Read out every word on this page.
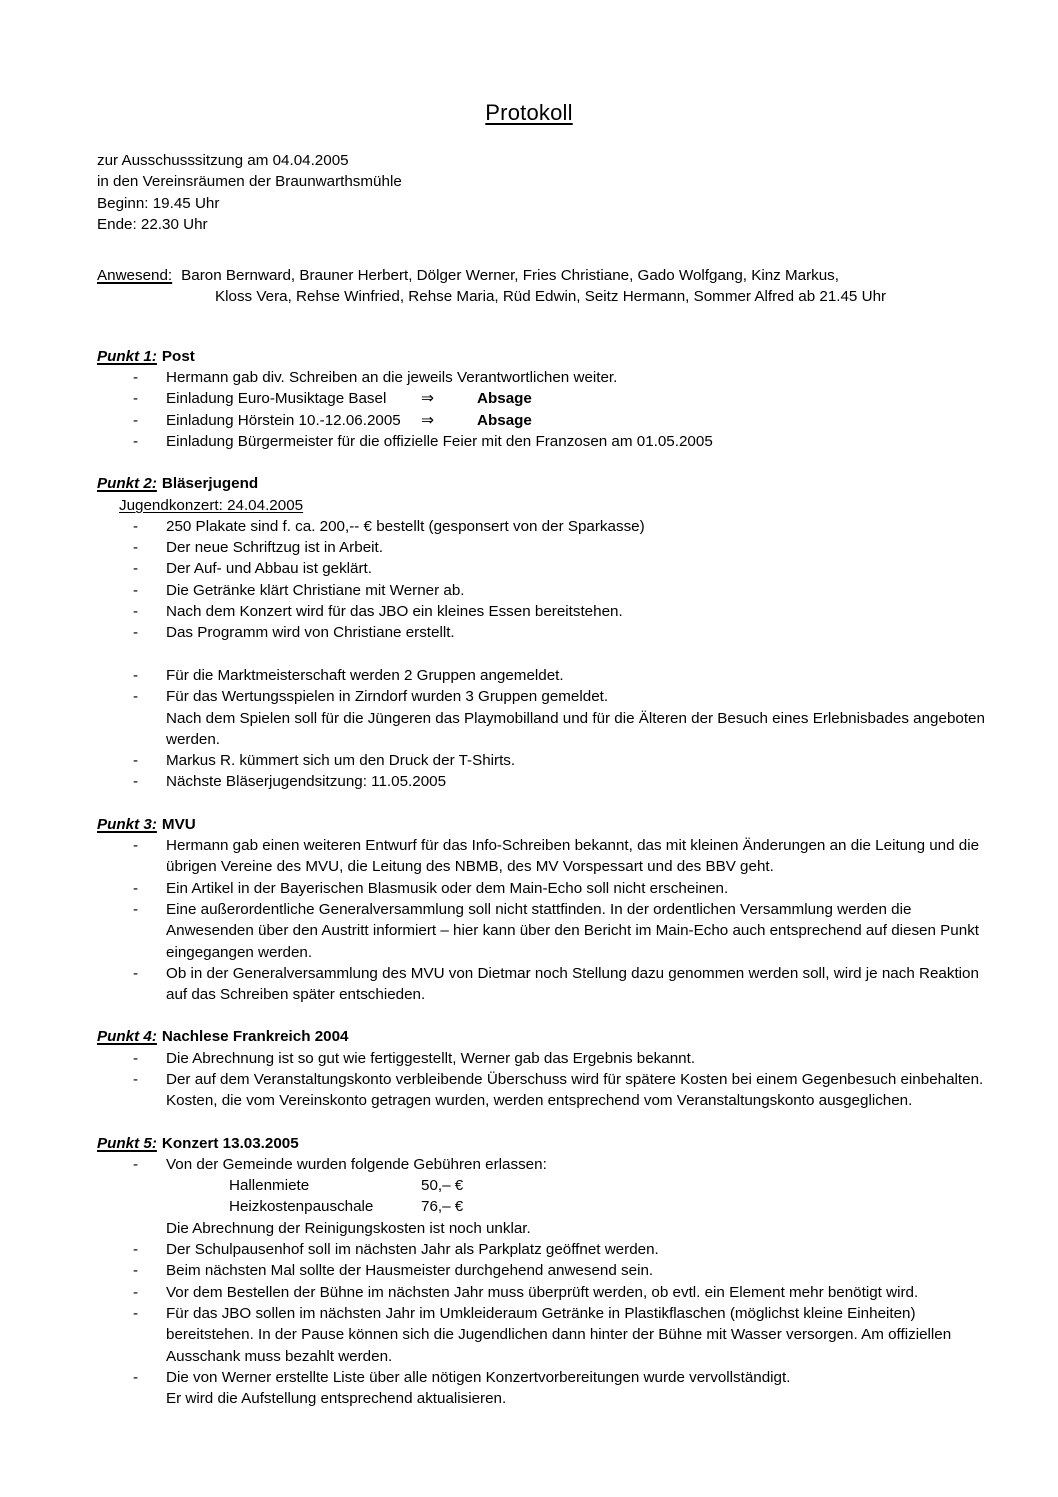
Protokoll
zur Ausschusssitzung am 04.04.2005
in den Vereinsräumen der Braunwarthsmühle
Beginn: 19.45 Uhr
Ende: 22.30 Uhr
Anwesend: Baron Bernward, Brauner Herbert, Dölger Werner, Fries Christiane, Gado Wolfgang, Kinz Markus,
Kloss Vera, Rehse Winfried, Rehse Maria, Rüd Edwin, Seitz Hermann, Sommer Alfred ab 21.45 Uhr
Punkt 1: Post
- Hermann gab div. Schreiben an die jeweils Verantwortlichen weiter.
- Einladung Euro-Musiktage Basel ⇒	Absage
- Einladung Hörstein 10.-12.06.2005 ⇒	Absage
- Einladung Bürgermeister für die offizielle Feier mit den Franzosen am 01.05.2005
Punkt 2: Bläserjugend
Jugendkonzert: 24.04.2005
- 250 Plakate sind f. ca. 200,-- € bestellt (gesponsert von der Sparkasse)
- Der neue Schriftzug ist in Arbeit.
- Der Auf- und Abbau ist geklärt.
- Die Getränke klärt Christiane mit Werner ab.
- Nach dem Konzert wird für das JBO ein kleines Essen bereitstehen.
- Das Programm wird von Christiane erstellt.
- Für die Marktmeisterschaft werden 2 Gruppen angemeldet.
- Für das Wertungsspielen in Zirndorf wurden 3 Gruppen gemeldet.
Nach dem Spielen soll für die Jüngeren das Playmobilland und für die Älteren der Besuch eines Erlebnisbades angeboten werden.
- Markus R. kümmert sich um den Druck der T-Shirts.
- Nächste Bläserjugendsitzung: 11.05.2005
Punkt 3: MVU
- Hermann gab einen weiteren Entwurf für das Info-Schreiben bekannt, das mit kleinen Änderungen an die Leitung und die übrigen Vereine des MVU, die Leitung des NBMB, des MV Vorspessart und des BBV geht.
- Ein Artikel in der Bayerischen Blasmusik oder dem Main-Echo soll nicht erscheinen.
- Eine außerordentliche Generalversammlung soll nicht stattfinden. In der ordentlichen Versammlung werden die Anwesenden über den Austritt informiert – hier kann über den Bericht im Main-Echo auch entsprechend auf diesen Punkt eingegangen werden.
- Ob in der Generalversammlung des MVU von Dietmar noch Stellung dazu genommen werden soll, wird je nach Reaktion auf das Schreiben später entschieden.
Punkt 4: Nachlese Frankreich 2004
- Die Abrechnung ist so gut wie fertiggestellt, Werner gab das Ergebnis bekannt.
- Der auf dem Veranstaltungskonto verbleibende Überschuss wird für spätere Kosten bei einem Gegenbesuch einbehalten. Kosten, die vom Vereinskonto getragen wurden, werden entsprechend vom Veranstaltungskonto ausgeglichen.
Punkt 5: Konzert 13.03.2005
- Von der Gemeinde wurden folgende Gebühren erlassen:
Hallenmiete	50,– €
Heizkostenpauschale	76,– €
Die Abrechnung der Reinigungskosten ist noch unklar.
- Der Schulpausenhof soll im nächsten Jahr als Parkplatz geöffnet werden.
- Beim nächsten Mal sollte der Hausmeister durchgehend anwesend sein.
- Vor dem Bestellen der Bühne im nächsten Jahr muss überprüft werden, ob evtl. ein Element mehr benötigt wird.
- Für das JBO sollen im nächsten Jahr im Umkleideraum Getränke in Plastikflaschen (möglichst kleine Einheiten) bereitstehen. In der Pause können sich die Jugendlichen dann hinter der Bühne mit Wasser versorgen. Am offiziellen Ausschank muss bezahlt werden.
- Die von Werner erstellte Liste über alle nötigen Konzertvorbereitungen wurde vervollständigt.
Er wird die Aufstellung entsprechend aktualisieren.
